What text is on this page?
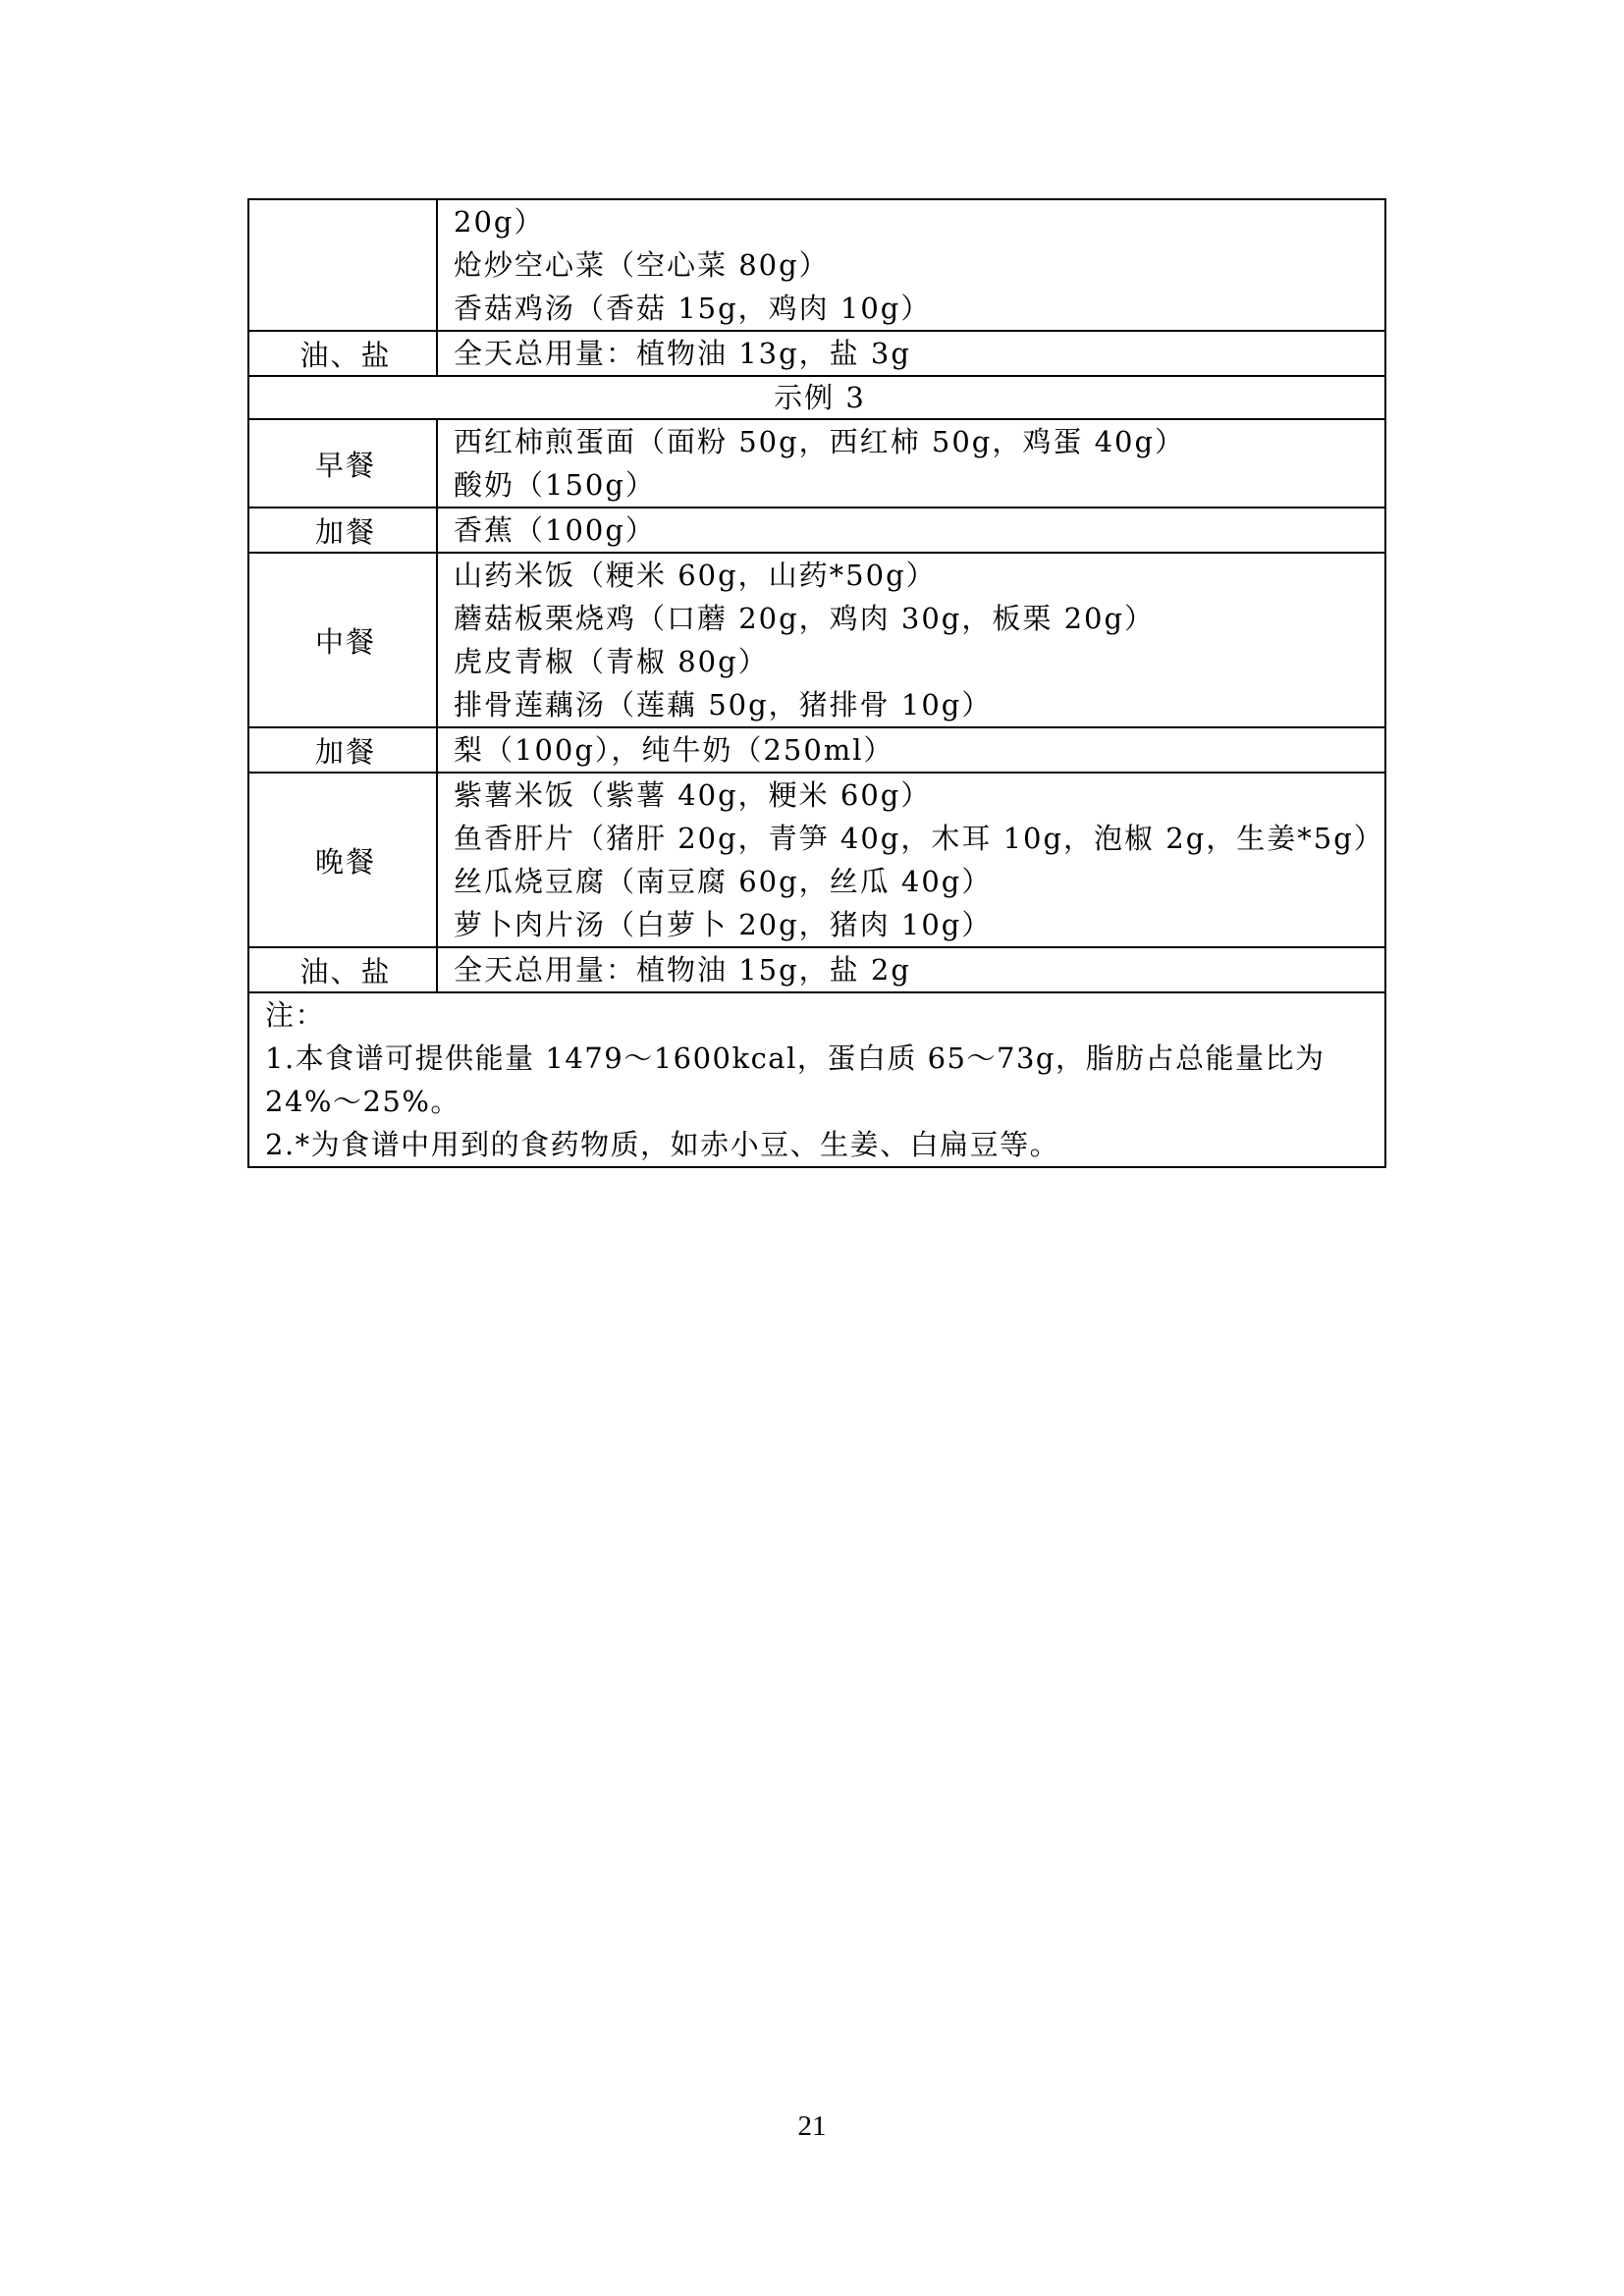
	20g）
炝炒空心菜（空心菜 80g）
香菇鸡汤（香菇 15g，鸡肉 10g）

油、盐	全天总用量：植物油 13g，盐 3g

示例 3	
早餐	西红柿煎蛋面（面粉 50g，西红柿 50g，鸡蛋 40g）
酸奶（150g）

加餐	香蕉（100g）

中餐	山药米饭（粳米 60g，山药*50g）
蘑菇板栗烧鸡（口蘑 20g，鸡肉 30g，板栗 20g）
虎皮青椒（青椒 80g）
排骨莲藕汤（莲藕 50g，猪排骨 10g）

加餐	梨（100g），纯牛奶（250ml）

晚餐	紫薯米饭（紫薯 40g，粳米 60g）
鱼香肝片（猪肝 20g，青笋 40g，木耳 10g，泡椒 2g，生姜*5g）
丝瓜烧豆腐（南豆腐 60g，丝瓜 40g）
萝卜肉片汤（白萝卜 20g，猪肉 10g）

油、盐	全天总用量：植物油 15g，盐 2g

注：
1.本食谱可提供能量 1479～1600kcal，蛋白质 65～73g，脂肪占总能量比为24%～25%。
2.*为食谱中用到的食药物质，如赤小豆、生姜、白扁豆等。	
21
